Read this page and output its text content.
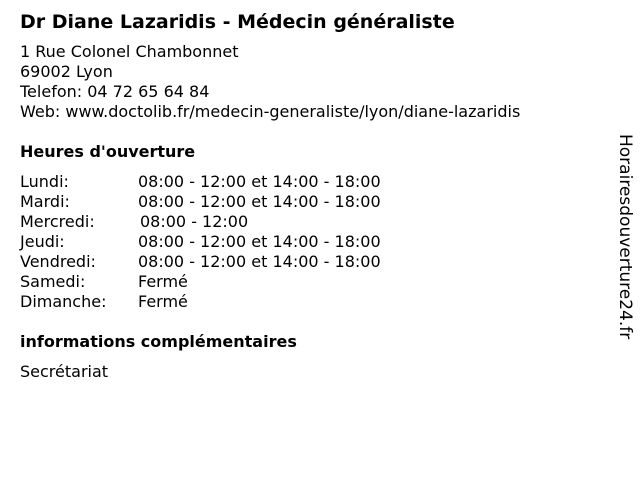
Dr Diane Lazaridis - Médecin généraliste
1 Rue Colonel Chambonnet
69002 Lyon
Telefon: 04 72 65 64 84
Web: www.doctolib.fr/medecin-generaliste/lyon/diane-lazaridis
Heures d'ouverture
Lundi:	08:00 - 12:00 et 14:00 - 18:00
Mardi:	08:00 - 12:00 et 14:00 - 18:00
Mercredi:	08:00 - 12:00
Jeudi:	08:00 - 12:00 et 14:00 - 18:00
Vendredi:	08:00 - 12:00 et 14:00 - 18:00
Samedi:	Fermé
Dimanche:	Fermé
informations complémentaires
Secrétariat
Horairesdouverture24.fr
